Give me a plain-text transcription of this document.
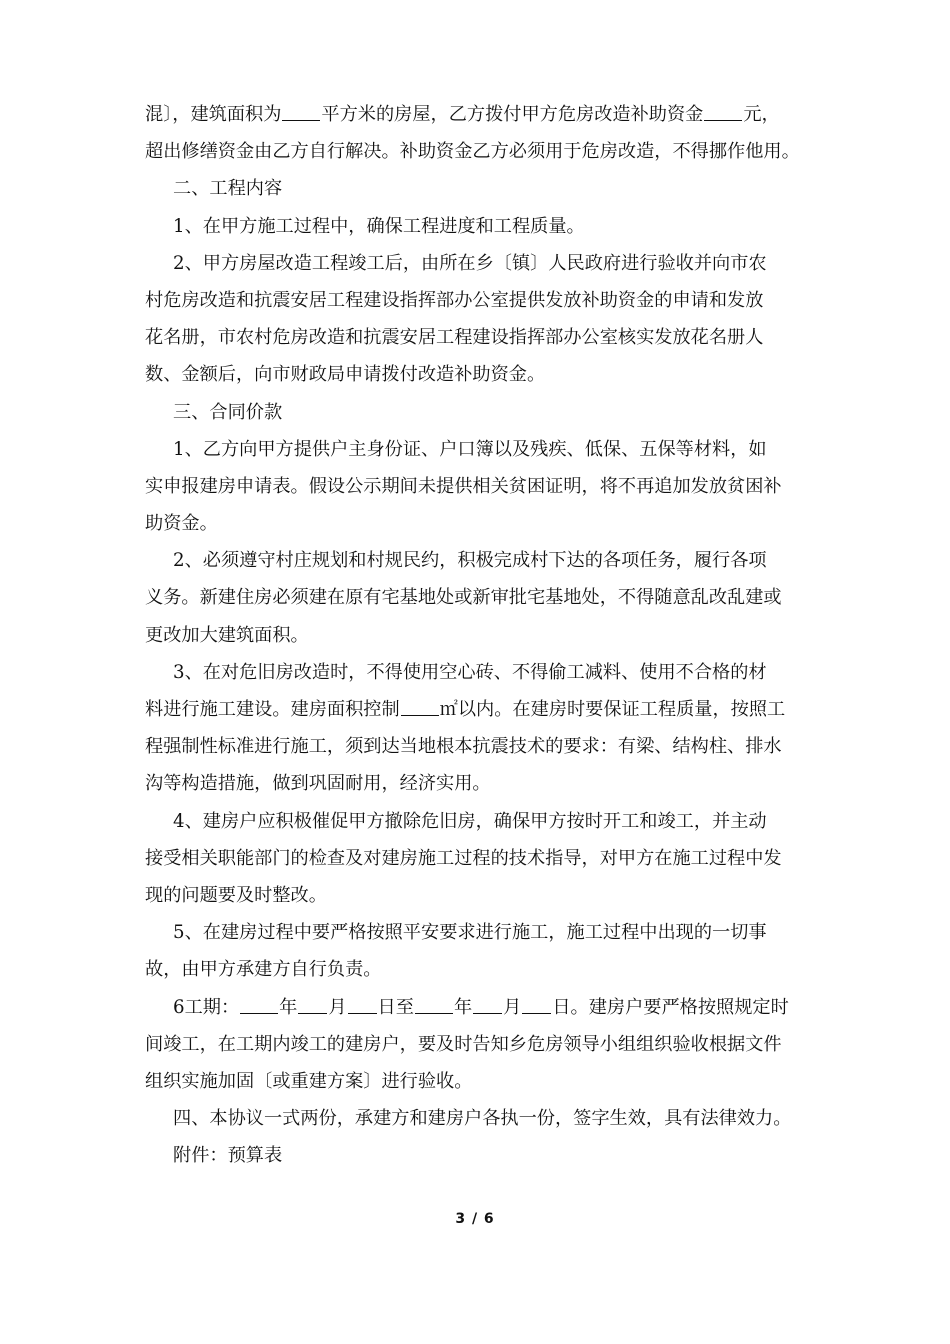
混〕，建筑面积为 平方米的房屋，乙方拨付甲方危房改造补助资金 元，
超出修缮资金由乙方自行解决。补助资金乙方必须用于危房改造，不得挪作他用。
二、工程内容
1、在甲方施工过程中，确保工程进度和工程质量。
2、甲方房屋改造工程竣工后，由所在乡〔镇〕人民政府进行验收并向市农
村危房改造和抗震安居工程建设指挥部办公室提供发放补助资金的申请和发放
花名册，市农村危房改造和抗震安居工程建设指挥部办公室核实发放花名册人
数、金额后，向市财政局申请拨付改造补助资金。
三、合同价款
1、乙方向甲方提供户主身份证、户口簿以及残疾、低保、五保等材料，如
实申报建房申请表。假设公示期间未提供相关贫困证明，将不再追加发放贫困补
助资金。
2、必须遵守村庄规划和村规民约，积极完成村下达的各项任务，履行各项
义务。新建住房必须建在原有宅基地处或新审批宅基地处，不得随意乱改乱建或
更改加大建筑面积。
3、在对危旧房改造时，不得使用空心砖、不得偷工减料、使用不合格的材
料进行施工建设。建房面积控制 ㎡以内。在建房时要保证工程质量，按照工
程强制性标准进行施工，须到达当地根本抗震技术的要求：有梁、结构柱、排水
沟等构造措施，做到巩固耐用，经济实用。
4、建房户应积极催促甲方撤除危旧房，确保甲方按时开工和竣工，并主动
接受相关职能部门的检查及对建房施工过程的技术指导，对甲方在施工过程中发
现的问题要及时整改。
5、在建房过程中要严格按照平安要求进行施工，施工过程中出现的一切事
故，由甲方承建方自行负责。
6工期： 年 月 日至 年 月 日。建房户要严格按照规定时
间竣工，在工期内竣工的建房户，要及时告知乡危房领导小组组织验收根据文件
组织实施加固〔或重建方案〕进行验收。
四、本协议一式两份，承建方和建房户各执一份，签字生效，具有法律效力。
附件：预算表
3 / 6
